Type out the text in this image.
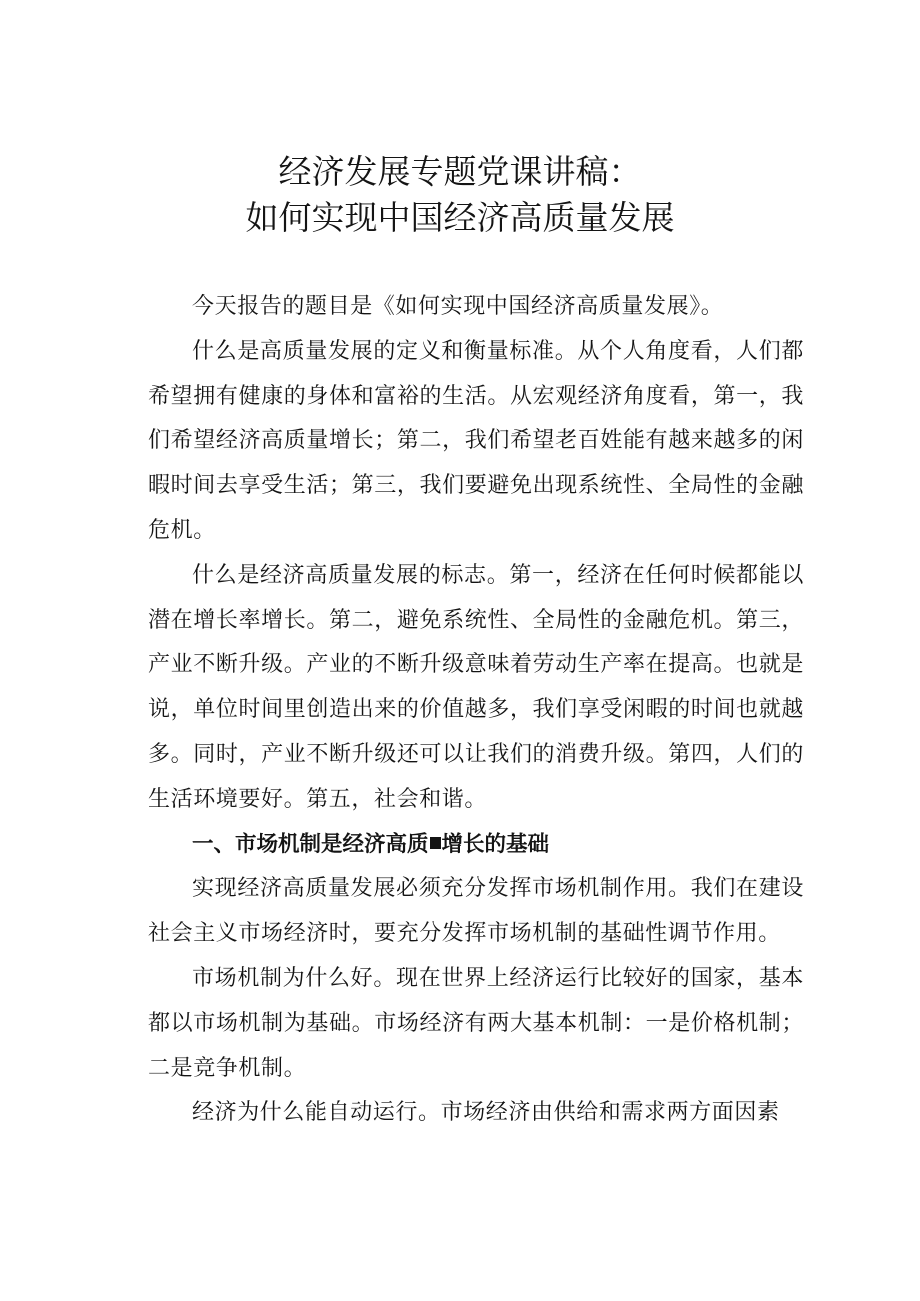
经济发展专题党课讲稿：
如何实现中国经济高质量发展

今天报告的题目是《如何实现中国经济高质量发展》。

什么是高质量发展的定义和衡量标准。从个人角度看，人们都希望拥有健康的身体和富裕的生活。从宏观经济角度看，第一，我们希望经济高质量增长；第二，我们希望老百姓能有越来越多的闲暇时间去享受生活；第三，我们要避免出现系统性、全局性的金融危机。

什么是经济高质量发展的标志。第一，经济在任何时候都能以潜在增长率增长。第二，避免系统性、全局性的金融危机。第三，产业不断升级。产业的不断升级意味着劳动生产率在提高。也就是说，单位时间里创造出来的价值越多，我们享受闲暇的时间也就越多。同时，产业不断升级还可以让我们的消费升级。第四，人们的生活环境要好。第五，社会和谐。

一、市场机制是经济高质 增长的基础

实现经济高质量发展必须充分发挥市场机制作用。我们在建设社会主义市场经济时，要充分发挥市场机制的基础性调节作用。

市场机制为什么好。现在世界上经济运行比较好的国家，基本都以市场机制为基础。市场经济有两大基本机制：一是价格机制；二是竞争机制。

经济为什么能自动运行。市场经济由供给和需求两方面因素
